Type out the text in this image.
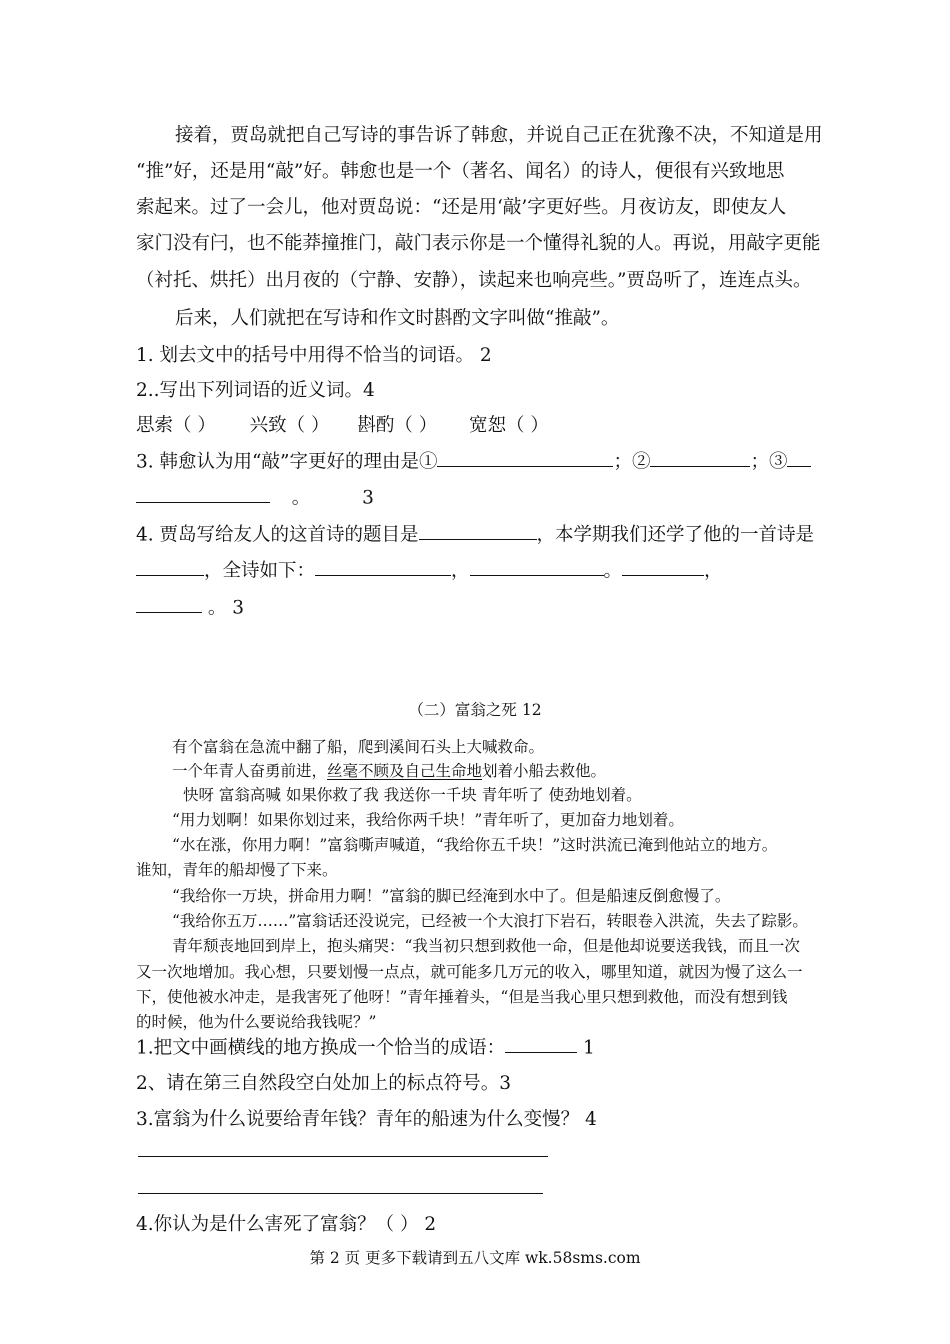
接着，贾岛就把自己写诗的事告诉了韩愈，并说自己正在犹豫不决，不知道是用
“推”好，还是用“敲”好。韩愈也是一个（著名、闻名）的诗人，便很有兴致地思
索起来。过了一会儿，他对贾岛说：“还是用‘敲’字更好些。月夜访友，即使友人
家门没有闩，也不能莽撞推门，敲门表示你是一个懂得礼貌的人。再说，用敲字更能
（衬托、烘托）出月夜的（宁静、安静），读起来也响亮些。”贾岛听了，连连点头。
后来，人们就把在写诗和作文时斟酌文字叫做“推敲”。
1. 划去文中的括号中用得不恰当的词语。 2
2..写出下列词语的近义词。4
思索（ ） 兴致（ ） 斟酌（ ） 宽恕（ ）
3. 韩愈认为用“敲”字更好的理由是①	；②	；③
。	3
4. 贾岛写给友人的这首诗的题目是	，本学期我们还学了他的一首诗是
，全诗如下：	，	。	，
。 3
（二）富翁之死 12
有个富翁在急流中翻了船，爬到溪间石头上大喊救命。
一个年青人奋勇前进，丝毫不顾及自己生命地划着小船去救他。
快呀 富翁高喊 如果你救了我 我送你一千块 青年听了 使劲地划着。
“用力划啊！如果你划过来，我给你两千块！”青年听了，更加奋力地划着。
“水在涨，你用力啊！”富翁嘶声喊道，“我给你五千块！”这时洪流已淹到他站立的地方。
谁知，青年的船却慢了下来。
“我给你一万块，拼命用力啊！”富翁的脚已经淹到水中了。但是船速反倒愈慢了。
“我给你五万……”富翁话还没说完，已经被一个大浪打下岩石，转眼卷入洪流，失去了踪影。
青年颓丧地回到岸上，抱头痛哭：“我当初只想到救他一命，但是他却说要送我钱，而且一次
又一次地增加。我心想，只要划慢一点点，就可能多几万元的收入，哪里知道，就因为慢了这么一
下，使他被水冲走，是我害死了他呀！”青年捶着头，“但是当我心里只想到救他，而没有想到钱
的时候，他为什么要说给我钱呢？”
1.把文中画横线的地方换成一个恰当的成语：	1
2、请在第三自然段空白处加上的标点符号。3
3.富翁为什么说要给青年钱？青年的船速为什么变慢？ 4
4.你认为是什么害死了富翁？（ ） 2
第 2 页 更多下载请到五八文库 wk.58sms.com
